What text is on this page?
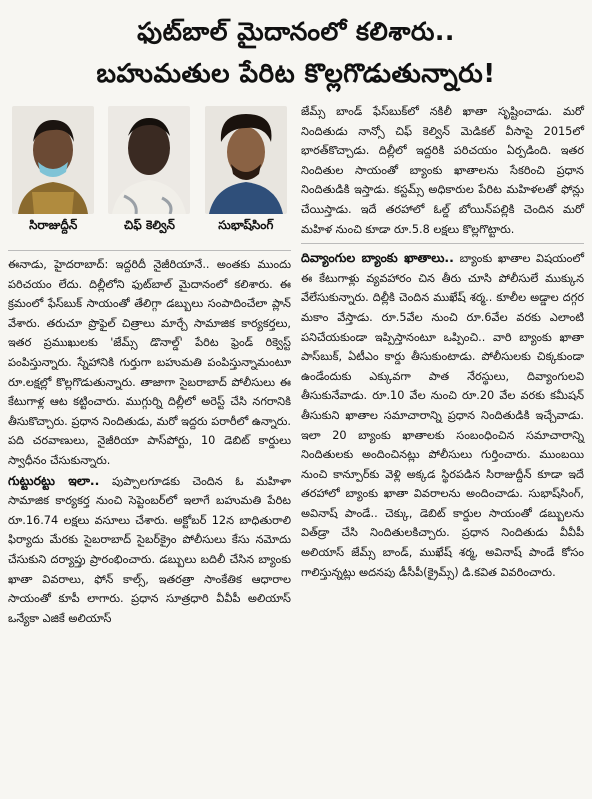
ఫుట్‌బాల్ మైదానంలో కలిశారు..
బహుమతుల పేరిట కొల్లగొడుతున్నారు!
సిరాజుద్దీన్	చిఫ్ కెల్విన్	సుభాష్‌సింగ్

ఈనాడు, హైదరాబాద్: ఇద్దరిదీ నైజీరియానే.. అంతకు ముందు పరిచయం లేదు. దిల్లీలోని ఫుట్‌బాల్ మైదానంలో కలిశారు. ఈ క్రమంలో ఫేస్‌బుక్ సాయంతో తేలిగ్గా డబ్బులు సంపాదించేలా ప్లాన్ వేశారు. తరుచూ ప్రొఫైల్ చిత్రాలు మార్చే సామాజిక కార్యకర్తలు, ఇతర ప్రముఖులకు 'జేమ్స్ డొనాల్డ్' పేరిట ఫ్రెండ్ రిక్వెస్ట్ పంపిస్తున్నారు. స్నేహానికి గుర్తుగా బహుమతి పంపిస్తున్నామంటూ రూ.లక్షల్లో కొల్లగొడుతున్నారు. తాజాగా సైబరాబాద్ పోలీసులు ఈ కేటుగాళ్ల ఆట కట్టించారు. ముగ్గుర్ని దిల్లీలో అరెస్ట్ చేసి నగరానికి తీసుకొచ్చారు. ప్రధాన నిందితుడు, మరో ఇద్దరు పరారీలో ఉన్నారు. పది చరవాణులు, నైజీరియా పాస్‌పోర్టు, 10 డెబిట్ కార్డులు స్వాధీనం చేసుకున్నారు.

గుట్టురట్టు ఇలా.. పుప్పాలగూడకు చెందిన ఓ మహిళా సామాజిక కార్యకర్త నుంచి సెప్టెంబర్‌లో ఇలాగే బహుమతి పేరిట రూ.16.74 లక్షలు వసూలు చేశారు. అక్టోబర్ 12న బాధితురాలి ఫిర్యాదు మేరకు సైబరాబాద్ సైబర్‌క్రైం పోలీసులు కేసు నమోదు చేసుకుని దర్యాప్తు ప్రారంభించారు. డబ్బులు బదిలీ చేసిన బ్యాంకు ఖాతా వివరాలు, ఫోన్ కాల్స్, ఇతరత్రా సాంకేతిక ఆధారాల సాయంతో కూపీ లాగారు. ప్రధాన సూత్రధారి వీవీపీ అలియాస్ ఒన్యేకా ఎజికే అలియాస్

జేమ్స్ బాండ్ ఫేస్‌బుక్‌లో నకిలీ ఖాతా సృష్టించాడు. మరో నిందితుడు నాన్సో చిఫ్ కెల్విన్ మెడికల్ వీసాపై 2015లో భారత్‌కొచ్చాడు. దిల్లీలో ఇద్దరికి పరిచయం ఏర్పడింది. ఇతర నిందితుల సాయంతో బ్యాంకు ఖాతాలను సేకరించి ప్రధాన నిందితుడికి ఇస్తాడు. కస్టమ్స్ అధికారుల పేరిట మహిళలతో ఫోన్లు చేయిస్తాడు. ఇదే తరహాలో ఓల్డ్ బోయిన్‌పల్లికి చెందిన మరో మహిళ నుంచి కూడా రూ.5.8 లక్షలు కొల్లగొట్టారు.

దివ్యాంగుల బ్యాంకు ఖాతాలు.. బ్యాంకు ఖాతాల విషయంలో ఈ కేటుగాళ్లు వ్యవహారం చిన తీరు చూసి పోలీసులే ముక్కున వేలేసుకున్నారు. దిల్లీకి చెందిన ముఖేష్ శర్మ.. కూలీల అడ్డాల దగ్గర మకాం వేస్తాడు. రూ.5వేల నుంచి రూ.6వేల వరకు ఎలాంటి పనిచేయకుండా ఇప్పిస్తానంటూ ఒప్పించి.. వారి బ్యాంకు ఖాతా పాస్‌బుక్, ఏటీఎం కార్డు తీసుకుంటాడు. పోలీసులకు చిక్కకుండా ఉండేందుకు ఎక్కువగా పాత నేరస్థులు, దివ్యాంగులవి తీసుకునేవాడు. రూ.10 వేల నుంచి రూ.20 వేల వరకు కమీషన్ తీసుకుని ఖాతాల సమాచారాన్ని ప్రధాన నిందితుడికి ఇచ్చేవాడు. ఇలా 20 బ్యాంకు ఖాతాలకు సంబంధించిన సమాచారాన్ని నిందితులకు అందించినట్లు పోలీసులు గుర్తించారు. ముంబయి నుంచి కాన్పూర్‌కు వెళ్లి అక్కడ స్థిరపడిన సిరాజుద్దీన్ కూడా ఇదే తరహాలో బ్యాంకు ఖాతా వివరాలను అందించాడు. సుభాష్‌సింగ్, అవినాష్ పాండే.. చెక్కు, డెబిట్ కార్డుల సాయంతో డబ్బులను విత్‌డ్రా చేసి నిందితులకిచ్చారు. ప్రధాన నిందితుడు వీవీపీ అలియాస్ జేమ్స్ బాండ్, ముఖేష్ శర్మ, అవినాష్ పాండే కోసం గాలిస్తున్నట్లు అదనపు డీసీపీ(క్రైమ్స్) డి.కవిత వివరించారు.
